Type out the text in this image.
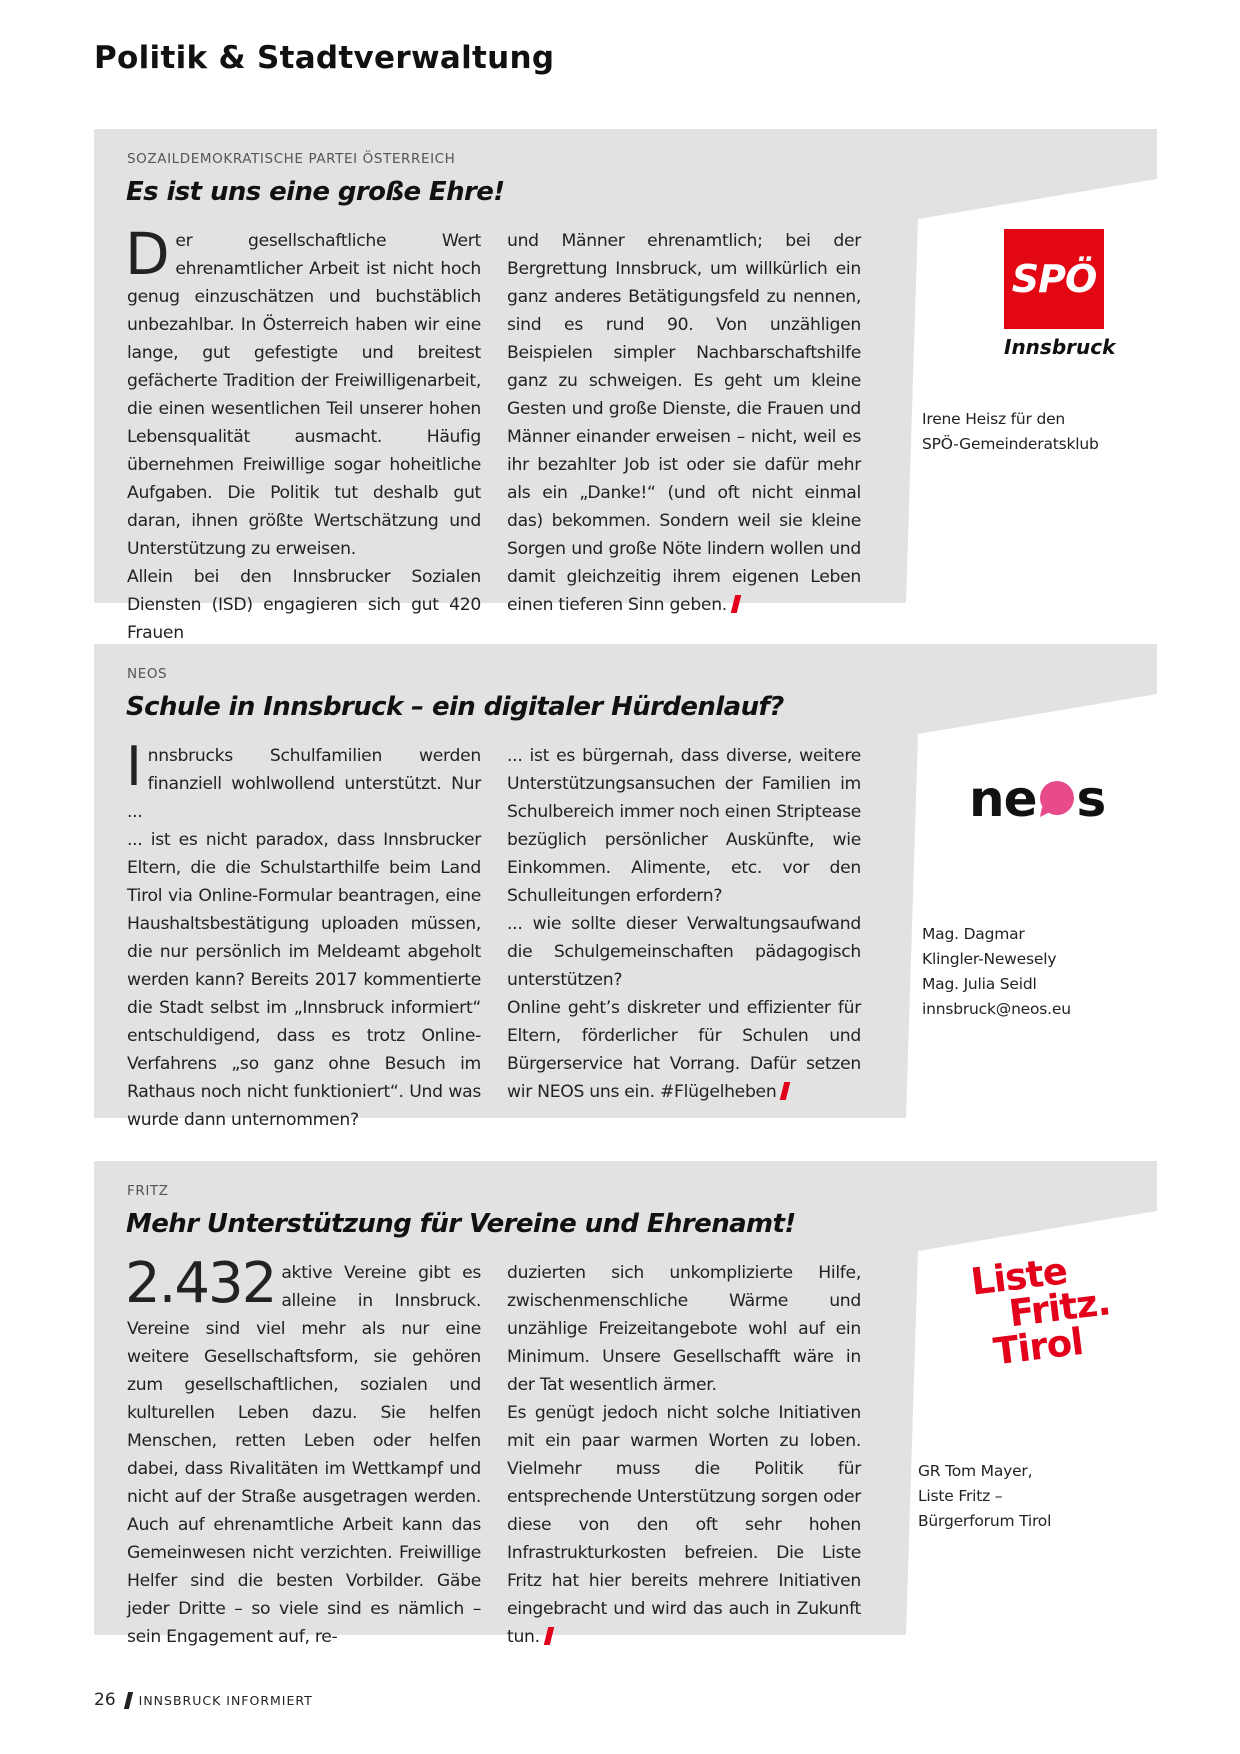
Politik & Stadtverwaltung
SOZAILDEMOKRATISCHE PARTEI ÖSTERREICH
Es ist uns eine große Ehre!

Der gesellschaftliche Wert ehrenamtlicher Arbeit ist nicht hoch genug einzuschätzen und buchstäblich unbezahlbar. In Österreich haben wir eine lange, gut gefestigte und breitest gefächerte Tradition der Freiwilligenarbeit, die einen wesentlichen Teil unserer hohen Lebensqualität ausmacht. Häufig übernehmen Freiwillige sogar hoheitliche Aufgaben. Die Politik tut deshalb gut daran, ihnen größte Wertschätzung und Unterstützung zu erweisen.

Allein bei den Innsbrucker Sozialen Diensten (ISD) engagieren sich gut 420 Frauen

und Männer ehrenamtlich; bei der Bergrettung Innsbruck, um willkürlich ein ganz anderes Betätigungsfeld zu nennen, sind es rund 90. Von unzähligen Beispielen simpler Nachbarschaftshilfe ganz zu schweigen. Es geht um kleine Gesten und große Dienste, die Frauen und Männer einander erweisen – nicht, weil es ihr bezahlter Job ist oder sie dafür mehr als ein „Danke!“ (und oft nicht einmal das) bekommen. Sondern weil sie kleine Sorgen und große Nöte lindern wollen und damit gleichzeitig ihrem eigenen Leben einen tieferen Sinn geben.

SPÖ
Innsbruck
Irene Heisz für den
SPÖ-Gemeinderatsklub
NEOS
Schule in Innsbruck – ein digitaler Hürdenlauf?

Innsbrucks Schulfamilien werden finanziell wohlwollend unterstützt. Nur ...

... ist es nicht paradox, dass Innsbrucker Eltern, die die Schulstarthilfe beim Land Tirol via Online-Formular beantragen, eine Haushaltsbestätigung uploaden müssen, die nur persönlich im Meldeamt abgeholt werden kann? Bereits 2017 kommentierte die Stadt selbst im „Innsbruck informiert“ entschuldigend, dass es trotz Online-Verfahrens „so ganz ohne Besuch im Rathaus noch nicht funktioniert“. Und was wurde dann unternommen?

... ist es bürgernah, dass diverse, weitere Unterstützungsansuchen der Familien im Schulbereich immer noch einen Striptease bezüglich persönlicher Auskünfte, wie Einkommen. Alimente, etc. vor den Schulleitungen erfordern?

... wie sollte dieser Verwaltungsaufwand die Schulgemeinschaften pädagogisch unterstützen?

Online geht’s diskreter und effizienter für Eltern, förderlicher für Schulen und Bürgerservice hat Vorrang. Dafür setzen wir NEOS uns ein. #Flügelheben

ne s
Mag. Dagmar
Klingler-Newesely
Mag. Julia Seidl
innsbruck@neos.eu
FRITZ
Mehr Unterstützung für Vereine und Ehrenamt!

2.432 aktive Vereine gibt es alleine in Innsbruck. Vereine sind viel mehr als nur eine weitere Gesellschaftsform, sie gehören zum gesellschaftlichen, sozialen und kulturellen Leben dazu. Sie helfen Menschen, retten Leben oder helfen dabei, dass Rivalitäten im Wettkampf und nicht auf der Straße ausgetragen werden. Auch auf ehrenamtliche Arbeit kann das Gemeinwesen nicht verzichten. Freiwillige Helfer sind die besten Vorbilder. Gäbe jeder Dritte – so viele sind es nämlich – sein Engagement auf, re-

duzierten sich unkomplizierte Hilfe, zwischenmenschliche Wärme und unzählige Freizeitangebote wohl auf ein Minimum. Unsere Gesellschafft wäre in der Tat wesentlich ärmer.

Es genügt jedoch nicht solche Initiativen mit ein paar warmen Worten zu loben. Vielmehr muss die Politik für entsprechende Unterstützung sorgen oder diese von den oft sehr hohen Infrastrukturkosten befreien. Die Liste Fritz hat hier bereits mehrere Initiativen eingebracht und wird das auch in Zukunft tun.

Liste
Fritz.
Tirol
GR Tom Mayer,
Liste Fritz –
Bürgerforum Tirol
26 INNSBRUCK INFORMIERT
